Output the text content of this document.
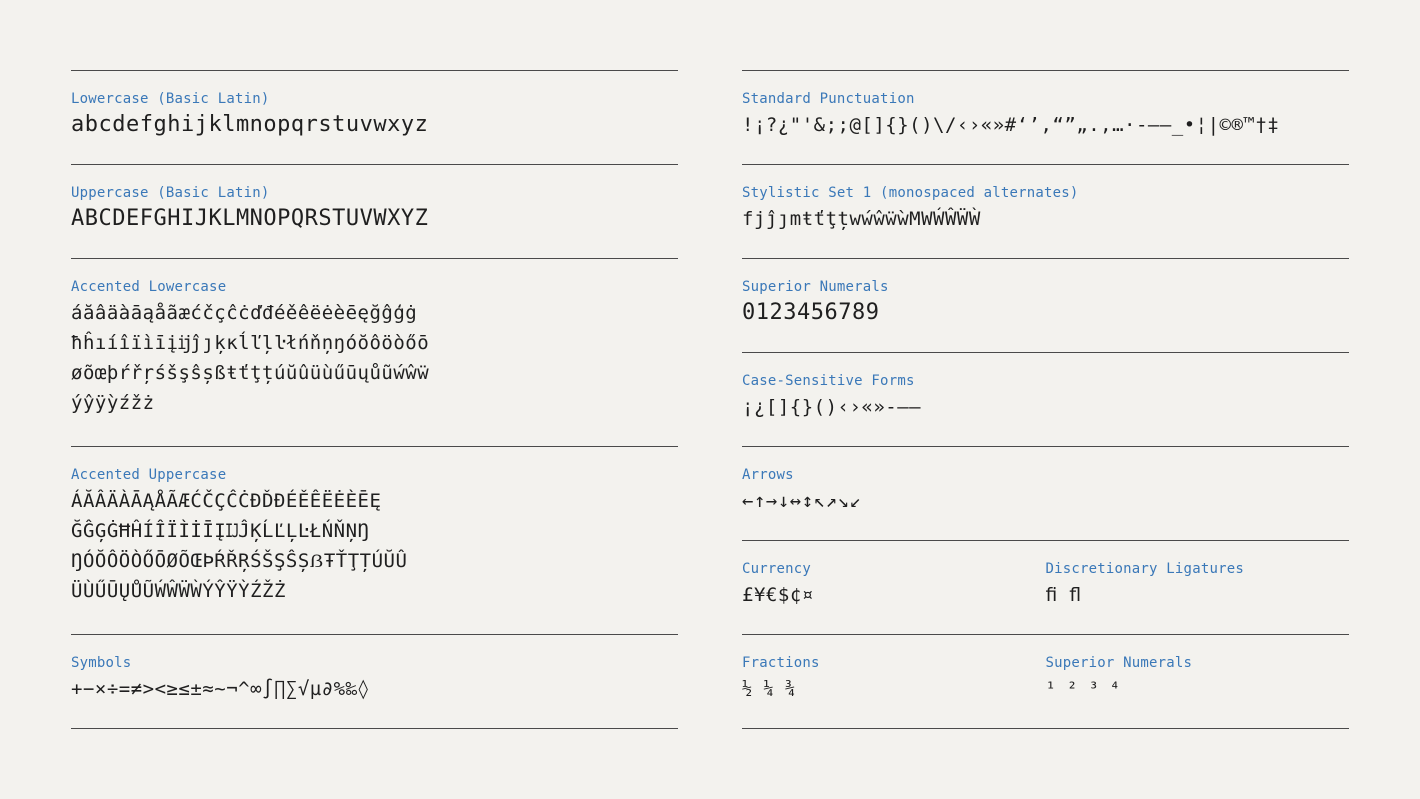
Lowercase (Basic Latin)
abcdefghijklmnopqrstuvwxyz
Uppercase (Basic Latin)
ABCDEFGHIJKLMNOPQRSTUVWXYZ
Accented Lowercase
áăâäàāąåãæćčçĉċďđéěêëėèēęğĝģġ
ħĥıíîïìīįĳĵȷķĸĺľļŀłńňņŋóŏôöòőō
øõœþŕřŗśšşŝșßŧťţțúŭûüùűūųůũẃŵẅ
ýŷÿỳźžż
Accented Uppercase
ÁĂÂÄÀĀĄÅÃÆĆČÇĈĊĐĎĐÉĚÊËĖÈĒĘ
ĞĜĢĠĦĤÍÎÏÌİĪĮĲĴĶĹĽĻĿŁŃŇŅŊ
ŊÓŎÔÖÒŐŌØÕŒÞŔŘŖŚŠŞŜȘẞŦŤŢȚÚŬÛ
ÜÙŰŪŲŮŨẂŴẄẀÝŶŸỲŹŽŻ
Symbols
+−×÷=≠><≥≤±≈~¬^∞∫∏∑√µ∂%‰◊
Standard Punctuation
!¡?¿"'&;;@[]{}()\/‹›«»#‘’‚“”„.,…·-–—_•¦|©®™†‡
Stylistic Set 1 (monospaced alternates)
fjĵȷmŧťţțwẃŵẅẁMWẂŴẄẀ
Superior Numerals
0123456789
Case-Sensitive Forms
¡¿[]{}()‹›«»-–—
Arrows
←↑→↓↔↕↖↗↘↙
Currency
£¥€$¢¤
Discretionary Ligatures
ﬁ ﬂ
Fractions
½ ¼ ¾
Superior Numerals
¹ ² ³ ⁴
